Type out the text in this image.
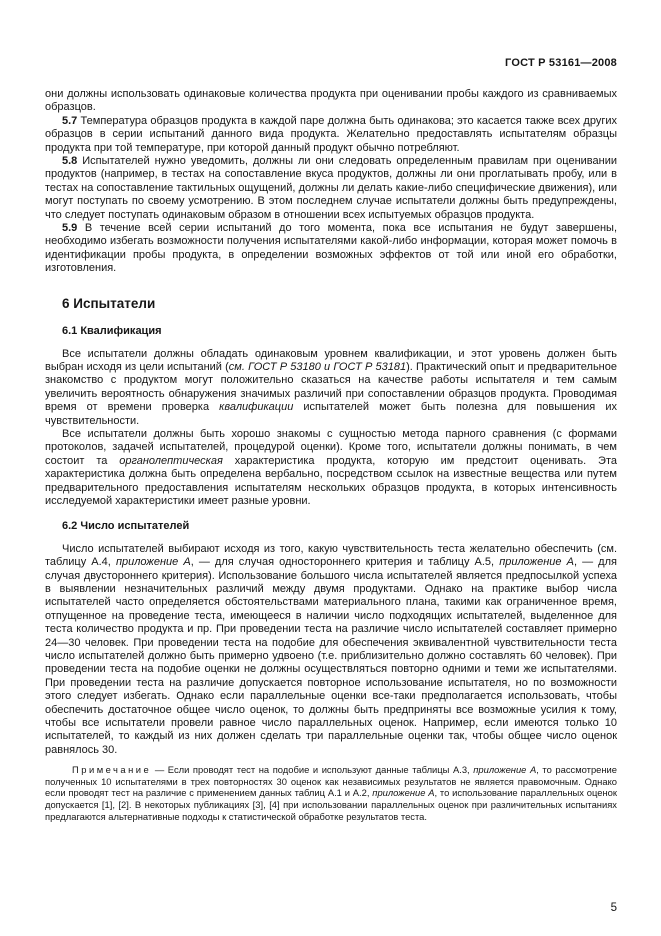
ГОСТ Р 53161—2008

они должны использовать одинаковые количества продукта при оценивании пробы каждого из сравниваемых образцов.

5.7 Температура образцов продукта в каждой паре должна быть одинакова; это касается также всех других образцов в серии испытаний данного вида продукта. Желательно предоставлять испытателям образцы продукта при той температуре, при которой данный продукт обычно потребляют.

5.8 Испытателей нужно уведомить, должны ли они следовать определенным правилам при оценивании продуктов (например, в тестах на сопоставление вкуса продуктов, должны ли они проглатывать пробу, или в тестах на сопоставление тактильных ощущений, должны ли делать какие-либо специфические движения), или могут поступать по своему усмотрению. В этом последнем случае испытатели должны быть предупреждены, что следует поступать одинаковым образом в отношении всех испытуемых образцов продукта.

5.9 В течение всей серии испытаний до того момента, пока все испытания не будут завершены, необходимо избегать возможности получения испытателями какой-либо информации, которая может помочь в идентификации пробы продукта, в определении возможных эффектов от той или иной его обработки, изготовления.

6 Испытатели
6.1 Квалификация

Все испытатели должны обладать одинаковым уровнем квалификации, и этот уровень должен быть выбран исходя из цели испытаний (см. ГОСТ Р 53180 и ГОСТ Р 53181). Практический опыт и предварительное знакомство с продуктом могут положительно сказаться на качестве работы испытателя и тем самым увеличить вероятность обнаружения значимых различий при сопоставлении образцов продукта. Проводимая время от времени проверка квалификации испытателей может быть полезна для повышения их чувствительности.

Все испытатели должны быть хорошо знакомы с сущностью метода парного сравнения (с формами протоколов, задачей испытателей, процедурой оценки). Кроме того, испытатели должны понимать, в чем состоит та органолептическая характеристика продукта, которую им предстоит оценивать. Эта характеристика должна быть определена вербально, посредством ссылок на известные вещества или путем предварительного предоставления испытателям нескольких образцов продукта, в которых интенсивность исследуемой характеристики имеет разные уровни.

6.2 Число испытателей

Число испытателей выбирают исходя из того, какую чувствительность теста желательно обеспечить (см. таблицу А.4, приложение А, — для случая одностороннего критерия и таблицу А.5, приложение А, — для случая двустороннего критерия). Использование большого числа испытателей является предпосылкой успеха в выявлении незначительных различий между двумя продуктами. Однако на практике выбор числа испытателей часто определяется обстоятельствами материального плана, такими как ограниченное время, отпущенное на проведение теста, имеющееся в наличии число подходящих испытателей, выделенное для теста количество продукта и пр. При проведении теста на различие число испытателей составляет примерно 24—30 человек. При проведении теста на подобие для обеспечения эквивалентной чувствительности теста число испытателей должно быть примерно удвоено (т.е. приблизительно должно составлять 60 человек). При проведении теста на подобие оценки не должны осуществляться повторно одними и теми же испытателями. При проведении теста на различие допускается повторное использование испытателя, но по возможности этого следует избегать. Однако если параллельные оценки все-таки предполагается использовать, чтобы обеспечить достаточное общее число оценок, то должны быть предприняты все возможные усилия к тому, чтобы все испытатели провели равное число параллельных оценок. Например, если имеются только 10 испытателей, то каждый из них должен сделать три параллельные оценки так, чтобы общее число оценок равнялось 30.

Примечание — Если проводят тест на подобие и используют данные таблицы А.3, приложение А, то рассмотрение полученных 10 испытателями в трех повторностях 30 оценок как независимых результатов не является правомочным. Однако если проводят тест на различие с применением данных таблиц А.1 и А.2, приложение А, то использование параллельных оценок допускается [1], [2]. В некоторых публикациях [3], [4] при использовании параллельных оценок при различительных испытаниях предлагаются альтернативные подходы к статистической обработке результатов теста.

5
